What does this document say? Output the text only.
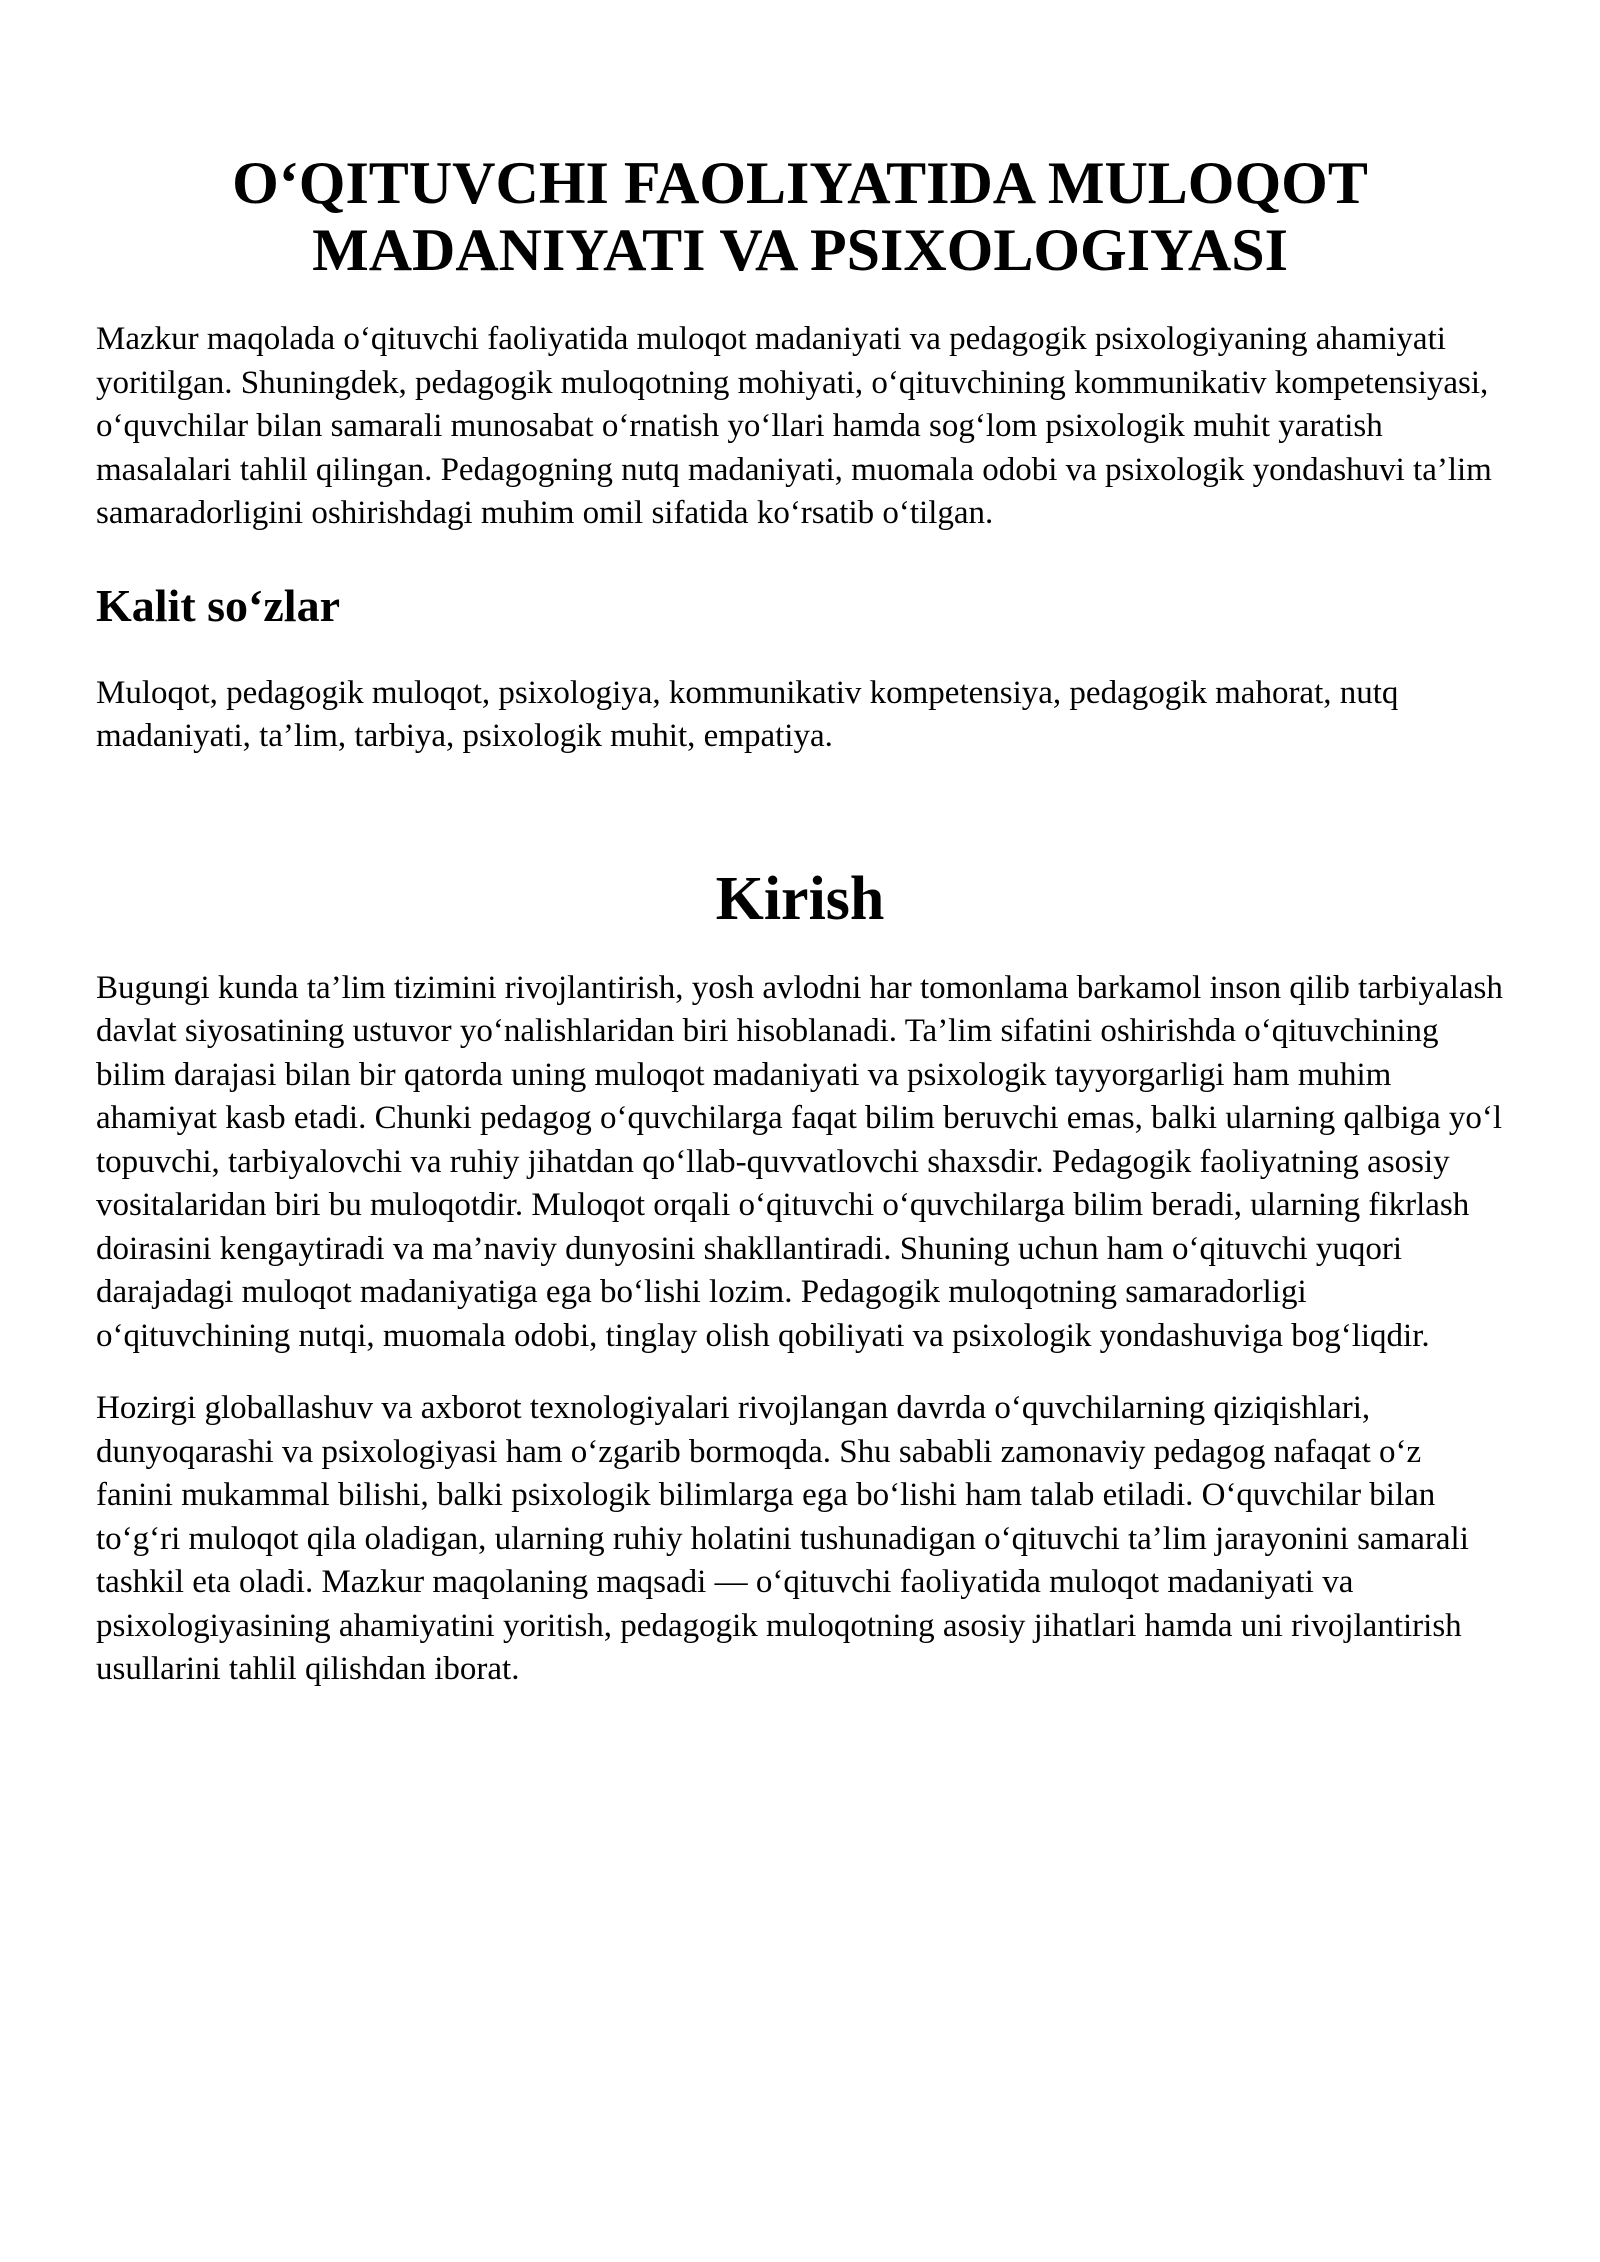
O‘QITUVCHI FAOLIYATIDA MULOQOT MADANIYATI VA PSIXOLOGIYASI

Mazkur maqolada o‘qituvchi faoliyatida muloqot madaniyati va pedagogik psixologiyaning ahamiyati yoritilgan. Shuningdek, pedagogik muloqotning mohiyati, o‘qituvchining kommunikativ kompetensiyasi, o‘quvchilar bilan samarali munosabat o‘rnatish yo‘llari hamda sog‘lom psixologik muhit yaratish masalalari tahlil qilingan. Pedagogning nutq madaniyati, muomala odobi va psixologik yondashuvi ta’lim samaradorligini oshirishdagi muhim omil sifatida ko‘rsatib o‘tilgan.

Kalit so‘zlar

Muloqot, pedagogik muloqot, psixologiya, kommunikativ kompetensiya, pedagogik mahorat, nutq madaniyati, ta’lim, tarbiya, psixologik muhit, empatiya.

Kirish

Bugungi kunda ta’lim tizimini rivojlantirish, yosh avlodni har tomonlama barkamol inson qilib tarbiyalash davlat siyosatining ustuvor yo‘nalishlaridan biri hisoblanadi. Ta’lim sifatini oshirishda o‘qituvchining bilim darajasi bilan bir qatorda uning muloqot madaniyati va psixologik tayyorgarligi ham muhim ahamiyat kasb etadi. Chunki pedagog o‘quvchilarga faqat bilim beruvchi emas, balki ularning qalbiga yo‘l topuvchi, tarbiyalovchi va ruhiy jihatdan qo‘llab-quvvatlovchi shaxsdir. Pedagogik faoliyatning asosiy vositalaridan biri bu muloqotdir. Muloqot orqali o‘qituvchi o‘quvchilarga bilim beradi, ularning fikrlash doirasini kengaytiradi va ma’naviy dunyosini shakllantiradi. Shuning uchun ham o‘qituvchi yuqori darajadagi muloqot madaniyatiga ega bo‘lishi lozim. Pedagogik muloqotning samaradorligi o‘qituvchining nutqi, muomala odobi, tinglay olish qobiliyati va psixologik yondashuviga bog‘liqdir.

Hozirgi globallashuv va axborot texnologiyalari rivojlangan davrda o‘quvchilarning qiziqishlari, dunyoqarashi va psixologiyasi ham o‘zgarib bormoqda. Shu sababli zamonaviy pedagog nafaqat o‘z fanini mukammal bilishi, balki psixologik bilimlarga ega bo‘lishi ham talab etiladi. O‘quvchilar bilan to‘g‘ri muloqot qila oladigan, ularning ruhiy holatini tushunadigan o‘qituvchi ta’lim jarayonini samarali tashkil eta oladi. Mazkur maqolaning maqsadi — o‘qituvchi faoliyatida muloqot madaniyati va psixologiyasining ahamiyatini yoritish, pedagogik muloqotning asosiy jihatlari hamda uni rivojlantirish usullarini tahlil qilishdan iborat.
